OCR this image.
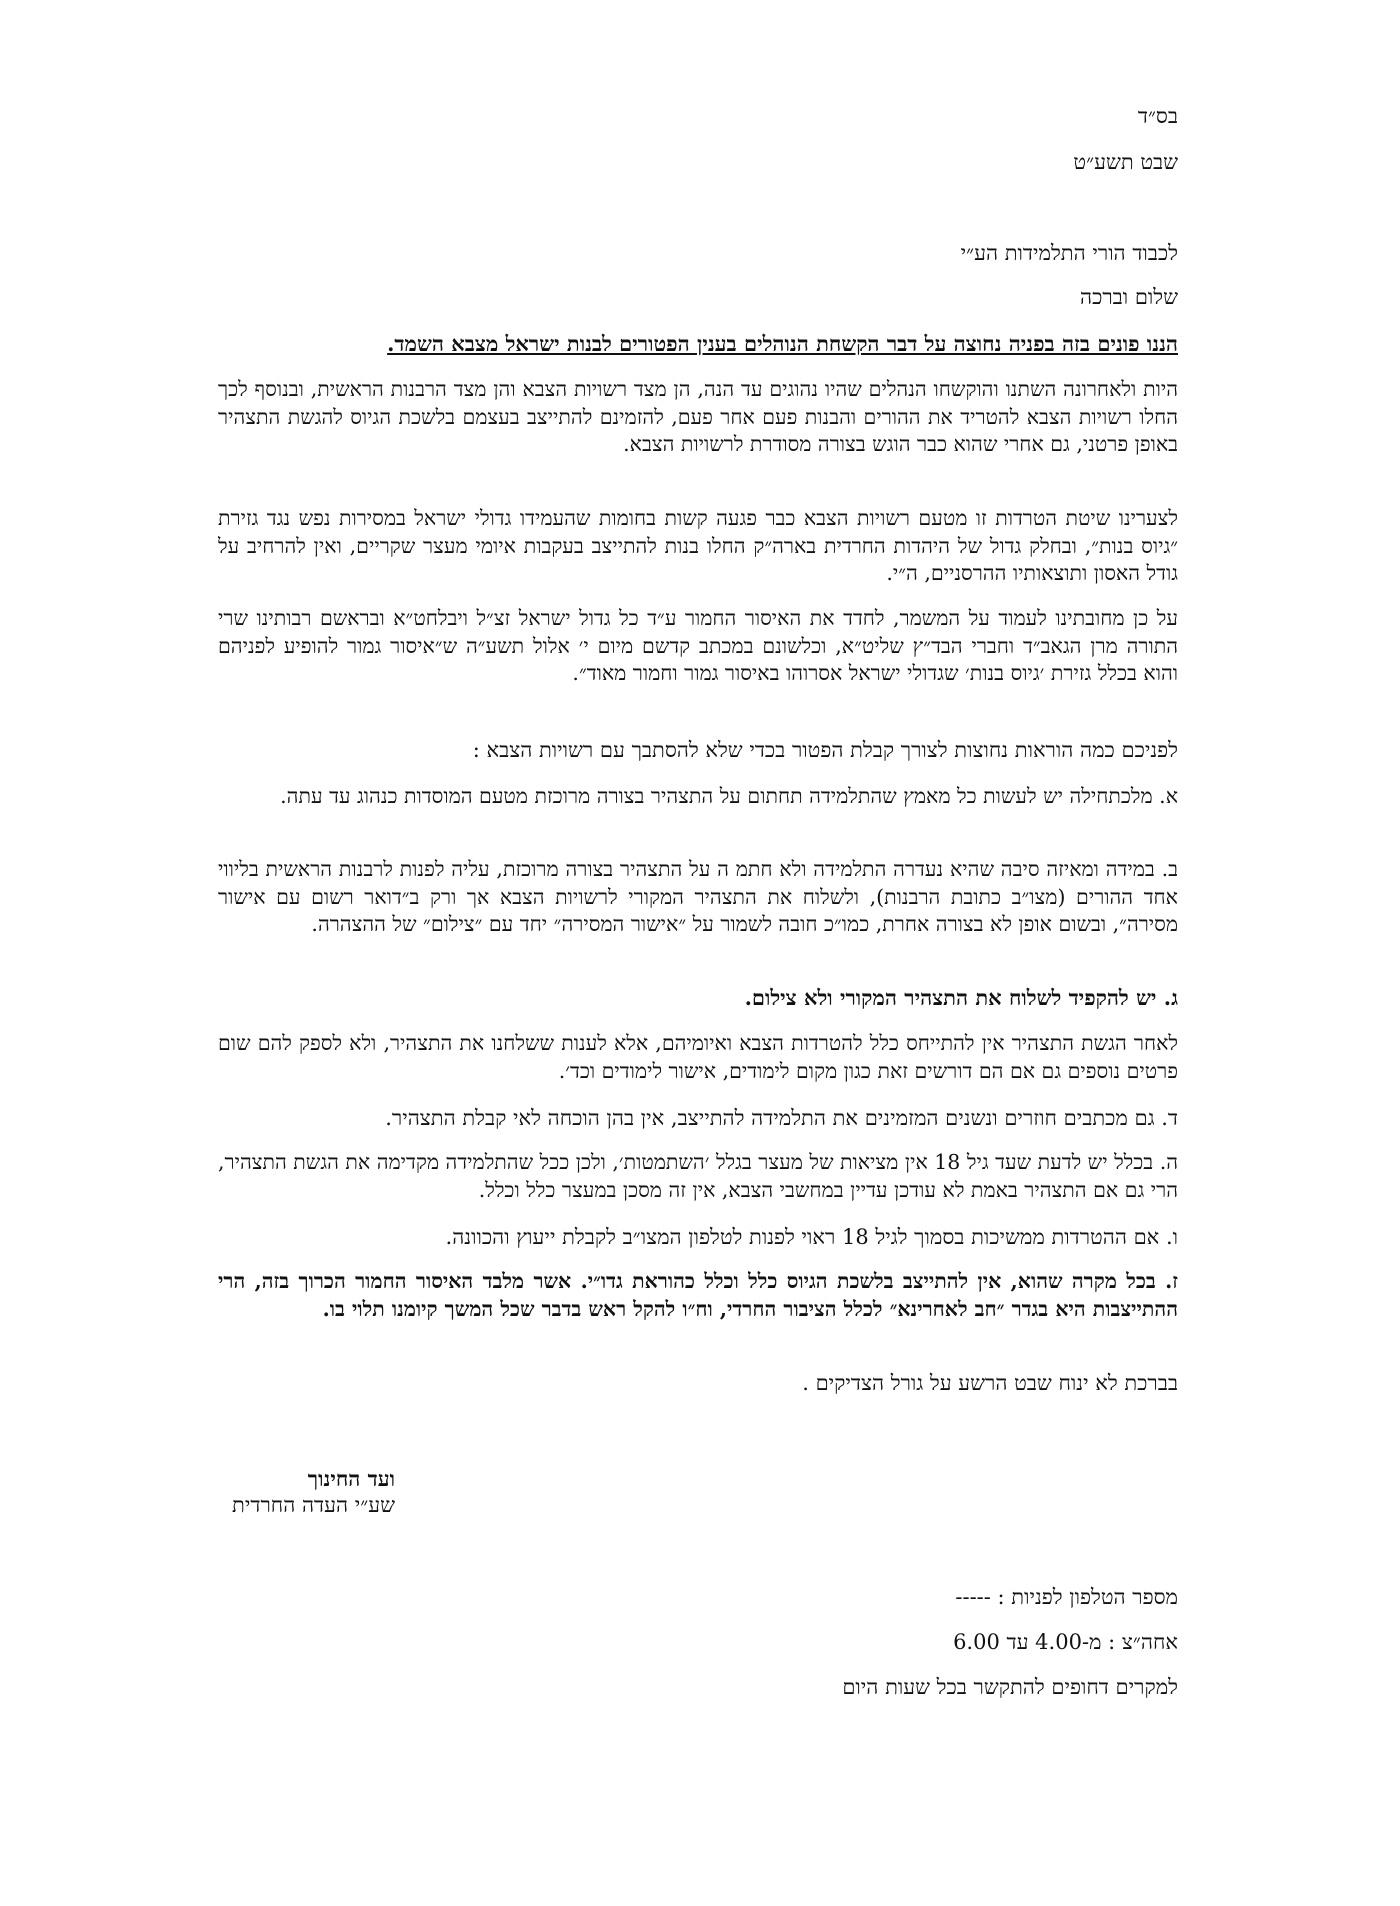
בס״ד
שבט תשע״ט
לכבוד הורי התלמידות הע״י
שלום וברכה
הננו פונים בזה בפניה נחוצה על דבר הקשחת הנוהלים בענין הפטורים לבנות ישראל מצבא השמד.
היות ולאחרונה השתנו והוקשחו הנהלים שהיו נהוגים עד הנה, הן מצד רשויות הצבא והן מצד הרבנות הראשית, ובנוסף לכך החלו רשויות הצבא להטריד את ההורים והבנות פעם אחר פעם, להזמינם להתייצב בעצמם בלשכת הגיוס להגשת התצהיר באופן פרטני, גם אחרי שהוא כבר הוגש בצורה מסודרת לרשויות הצבא.
לצערינו שיטת הטרדות זו מטעם רשויות הצבא כבר פגעה קשות בחומות שהעמידו גדולי ישראל במסירות נפש נגד גזירת ״גיוס בנות״, ובחלק גדול של היהדות החרדית בארה״ק החלו בנות להתייצב בעקבות איומי מעצר שקריים, ואין להרחיב על גודל האסון ותוצאותיו ההרסניים, ה״י.
על כן מחובתינו לעמוד על המשמר, לחדד את האיסור החמור ע״ד כל גדול ישראל זצ״ל ויבלחט״א ובראשם רבותינו שרי התורה מרן הגאב״ד וחברי הבד״ץ שליט״א, וכלשונם במכתב קדשם מיום י׳ אלול תשע״ה ש״איסור גמור להופיע לפניהם והוא בכלל גזירת ׳גיוס בנות׳ שגדולי ישראל אסרוהו באיסור גמור וחמור מאוד״.
לפניכם כמה הוראות נחוצות לצורך קבלת הפטור בכדי שלא להסתבך עם רשויות הצבא :
א. מלכתחילה יש לעשות כל מאמץ שהתלמידה תחתום על התצהיר בצורה מרוכזת מטעם המוסדות כנהוג עד עתה.
ב. במידה ומאיזה סיבה שהיא נעדרה התלמידה ולא חתמ ה על התצהיר בצורה מרוכזת, עליה לפנות לרבנות הראשית בליווי אחד ההורים (מצו״ב כתובת הרבנות), ולשלוח את התצהיר המקורי לרשויות הצבא אך ורק ב״דואר רשום עם אישור מסירה״, ובשום אופן לא בצורה אחרת, כמו״כ חובה לשמור על ״אישור המסירה״ יחד עם ״צילום״ של ההצהרה.
ג. יש להקפיד לשלוח את התצהיר המקורי ולא צילום.
לאחר הגשת התצהיר אין להתייחס כלל להטרדות הצבא ואיומיהם, אלא לענות ששלחנו את התצהיר, ולא לספק להם שום פרטים נוספים גם אם הם דורשים זאת כגון מקום לימודים, אישור לימודים וכד׳.
ד. גם מכתבים חוזרים ונשנים המזמינים את התלמידה להתייצב, אין בהן הוכחה לאי קבלת התצהיר.
ה. בכלל יש לדעת שעד גיל 18 אין מציאות של מעצר בגלל ׳השתמטות׳, ולכן ככל שהתלמידה מקדימה את הגשת התצהיר, הרי גם אם התצהיר באמת לא עודכן עדיין במחשבי הצבא, אין זה מסכן במעצר כלל וכלל.
ו. אם ההטרדות ממשיכות בסמוך לגיל 18 ראוי לפנות לטלפון המצו״ב לקבלת ייעוץ והכוונה.
ז. בכל מקרה שהוא, אין להתייצב בלשכת הגיוס כלל וכלל כהוראת גדו״י. אשר מלבד האיסור החמור הכרוך בזה, הרי ההתייצבות היא בגדר ״חב לאחרינא״ לכלל הציבור החרדי, וח״ו להקל ראש בדבר שכל המשך קיומנו תלוי בו.
בברכת לא ינוח שבט הרשע על גורל הצדיקים .
ועד החינוך
שע״י העדה החרדית
מספר הטלפון לפניות : -----
אחה״צ : מ-4.00 עד 6.00
למקרים דחופים להתקשר בכל שעות היום
